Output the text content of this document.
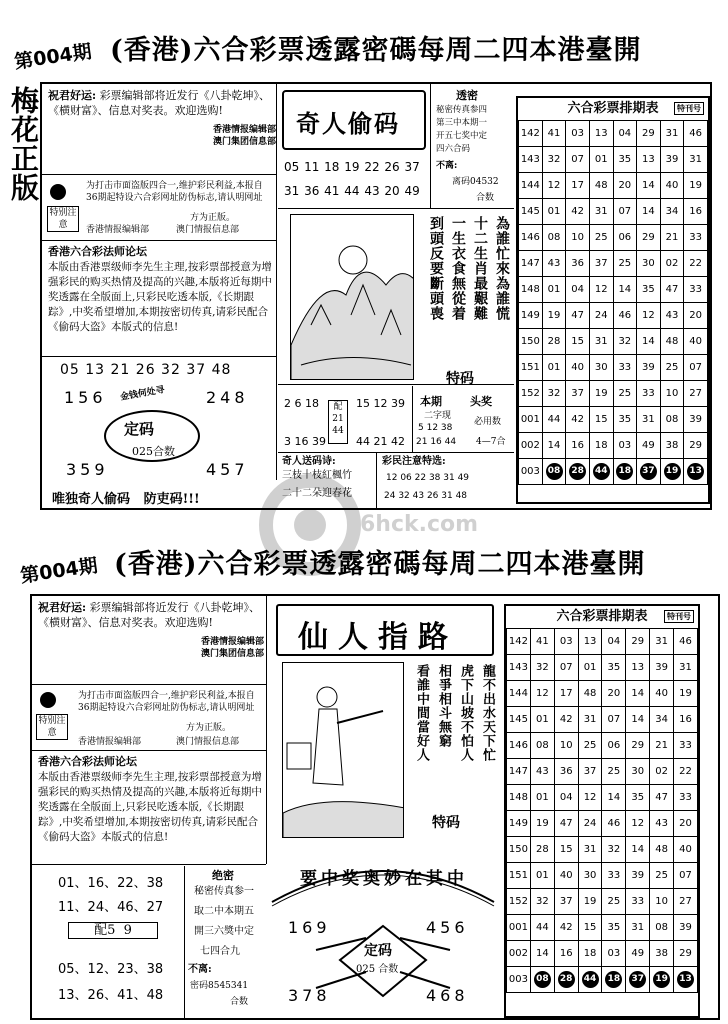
第004期 (香港)六合彩票透露密碼每周二四本港臺開
梅花正版 祝君好运: 彩票编辑部将近发行《八卦乾坤》、《横财富》、信息对奖表。欢迎选购!
香港情报编辑部
澳门集团信息部
特别注意
为打击市面盗版四合一,维护彩民利益,本报自36期起特设六合彩网址防伪标志,请认明网址
方为正版。
香港情报编辑部	澳门情报信息部
香港六合彩法师论坛
本版由香港票级师李先生主理,按彩票部授意为增强彩民的购买热情及提高的兴趣,本版将近每期中奖透露在全版面上,只彩民吃透本版,《长期跟踪》,中奖希望增加,本期按密切传真,请彩民配合《偷码大盗》本版式的信息!
05 13 21 26 32 37 48
156 金钱何处寻	248
定码
025合数
359	457
唯独奇人偷码   防吏码!!!
奇人偷码
05 11 18 19 22 26 37
31 36 41 44 43 20 49
透密
秘密传真参四
第三中本期一
开五七奖中定
四六合码
不离:
离码04532
合数
為誰忙來為誰慌
十二生肖最艱難
一生衣食無從着
到頭反要斷頭喪
特码
2 6 18
3 16 39
配
21 44
15 12 39
44 21 42
本期
二字现
5 12 38
21 16 44
头奖
必用数
4—7合
奇人送码诗:
三枝十枝紅楓竹
二十二朵迎春花
彩民注意特选:
12 06 22 38 31 49
24 32 43 26 31 48
六合彩票排期表	特刊号
142	41	03	13	04	29	31	46
143	32	07	01	35	13	39	31
144	12	17	48	20	14	40	19
145	01	42	31	07	14	34	16
146	08	10	25	06	29	21	33
147	43	36	37	25	30	02	22
148	01	04	12	14	35	47	33
149	19	47	24	46	12	43	20
150	28	15	31	32	14	48	40
151	01	40	30	33	39	25	07
152	32	37	19	25	33	10	27
001	44	42	15	35	31	08	39
002	14	16	18	03	49	38	29
003	08	28	44	18	37	19	13
第004期 (香港)六合彩票透露密碼每周二四本港臺開
祝君好运: 彩票编辑部将近发行《八卦乾坤》、《横财富》、信息对奖表。欢迎选购!
香港情报编辑部
澳门集团信息部
特别注意
为打击市面盗版四合一,维护彩民利益,本报自36期起特设六合彩网址防伪标志,请认明网址
方为正版。
香港情报编辑部	澳门情报信息部
香港六合彩法师论坛
本版由香港票级师李先生主理,按彩票部授意为增强彩民的购买热情及提高的兴趣,本版将近每期中奖透露在全版面上,只彩民吃透本版,《长期跟踪》,中奖希望增加,本期按密切传真,请彩民配合《偷码大盗》本版式的信息!
01、16、22、38
11、24、46、27
配5  9
05、12、23、38
13、26、41、48
绝密
秘密传真参一
取二中本期五
開三六獎中定
七四合九
不离:
密码8545341
合数
仙人指路
龍不出水天下忙
虎下山坡不怕人
相爭相斗無窮
看誰中間當好人
特码
要中奖奥妙在其中
169	456
定码
025 合数
378	468
六合彩票排期表	特刊号
142	41	03	13	04	29	31	46
143	32	07	01	35	13	39	31
144	12	17	48	20	14	40	19
145	01	42	31	07	14	34	16
146	08	10	25	06	29	21	33
147	43	36	37	25	30	02	22
148	01	04	12	14	35	47	33
149	19	47	24	46	12	43	20
150	28	15	31	32	14	48	40
151	01	40	30	33	39	25	07
152	32	37	19	25	33	10	27
001	44	42	15	35	31	08	39
002	14	16	18	03	49	38	29
003	08	28	44	18	37	19	13
6hck.com
